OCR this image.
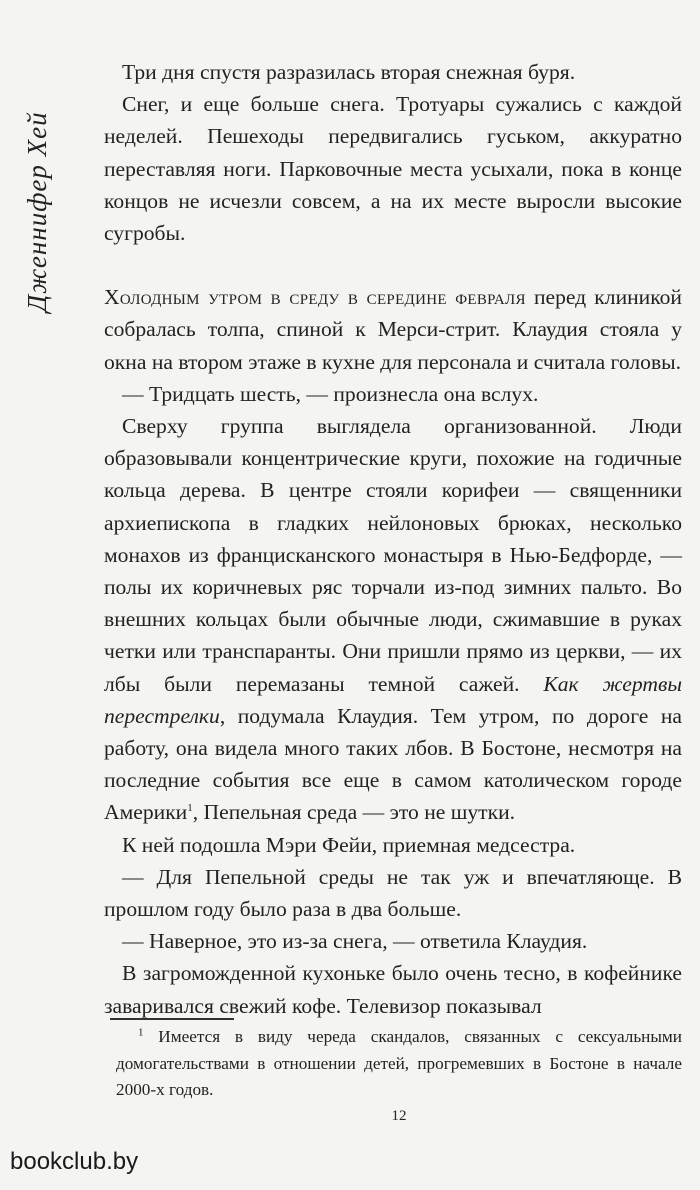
Дженнифер Хей

Три дня спустя разразилась вторая снежная буря.

Снег, и еще больше снега. Тротуары сужались с каждой неделей. Пешеходы передвигались гуськом, аккуратно переставляя ноги. Парковочные места усыхали, пока в конце концов не исчезли совсем, а на их месте выросли высокие сугробы.

Холодным утром в среду в середине февраля перед клиникой собралась толпа, спиной к Мерси-стрит. Клаудия стояла у окна на втором этаже в кухне для персонала и считала головы.

— Тридцать шесть, — произнесла она вслух.

Сверху группа выглядела организованной. Люди образовывали концентрические круги, похожие на годичные кольца дерева. В центре стояли корифеи — священники архиепископа в гладких нейлоновых брюках, несколько монахов из францисканского монастыря в Нью-Бедфорде, — полы их коричневых ряс торчали из-под зимних пальто. Во внешних кольцах были обычные люди, сжимавшие в руках четки или транспаранты. Они пришли прямо из церкви, — их лбы были перемазаны темной сажей. Как жертвы перестрелки, подумала Клаудия. Тем утром, по дороге на работу, она видела много таких лбов. В Бостоне, несмотря на последние события все еще в самом католическом городе Америки$^1$, Пепельная среда — это не шутки.

К ней подошла Мэри Фейи, приемная медсестра.

— Для Пепельной среды не так уж и впечатляюще. В прошлом году было раза в два больше.

— Наверное, это из-за снега, — ответила Клаудия.

В загроможденной кухоньке было очень тесно, в кофейнике заваривался свежий кофе. Телевизор показывал

$^1$ Имеется в виду череда скандалов, связанных с сексуальными домогательствами в отношении детей, прогремевших в Бостоне в начале 2000-х годов.

12
bookclub.by
